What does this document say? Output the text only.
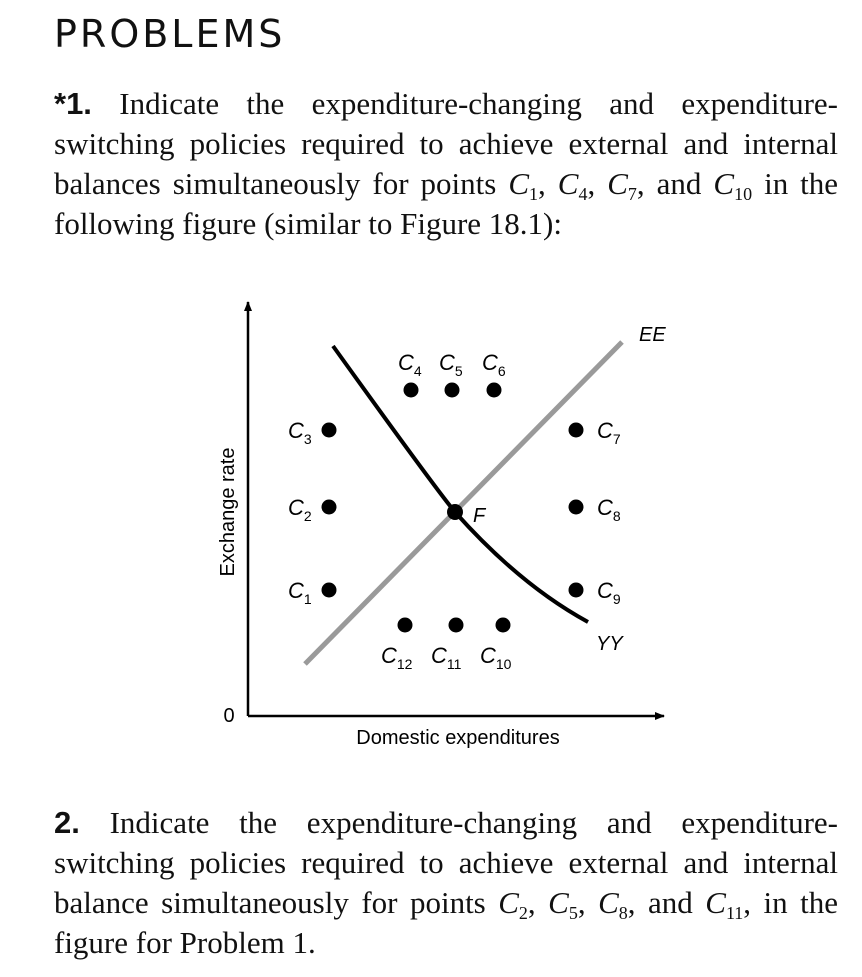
PROBLEMS
*1. Indicate the expenditure-changing and expenditure-switching policies required to achieve external and internal balances simultaneously for points $C_1$, $C_4$, $C_7$, and $C_{10}$ in the following figure (similar to Figure 18.1):
Exchange rate
Domestic expenditures
0
EE
YY
F
$C_1$
$C_2$
$C_3$
$C_4$ $C_5$ $C_6$
$C_7$
$C_8$
$C_9$
$C_{10}$
$C_{11}$
$C_{12}$
2. Indicate the expenditure-changing and expenditure-switching policies required to achieve external and internal balance simultaneously for points $C_2$, $C_5$, $C_8$, and $C_{11}$, in the figure for Problem 1.
